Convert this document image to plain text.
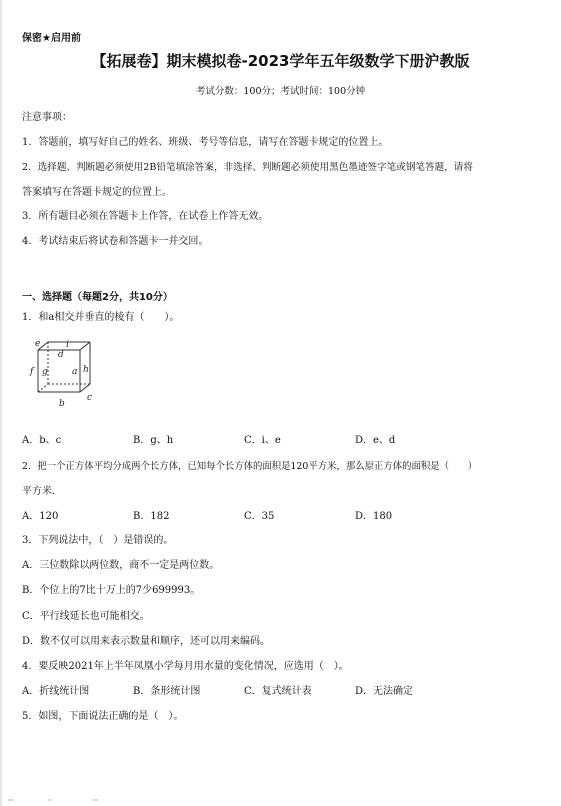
保密★启用前
【拓展卷】期末模拟卷-2023学年五年级数学下册沪教版
考试分数：100分；考试时间：100分钟
注意事项：
1．答题前，填写好自己的姓名、班级、考号等信息，请写在答题卡规定的位置上。
2．选择题、判断题必须使用2B铅笔填涂答案，非选择、判断题必须使用黑色墨迹签字笔或钢笔答题，请将
答案填写在答题卡规定的位置上。
3．所有题目必须在答题卡上作答，在试卷上作答无效。
4．考试结束后将试卷和答题卡一并交回。
一、选择题（每题2分，共10分）
1．和a相交并垂直的棱有（　　）。
e	i
d
f g	a h
b
c
A．b、c	B．g、h	C．i、e	D．e、d
2．把一个正方体平均分成两个长方体，已知每个长方体的面积是120平方米，那么原正方体的面积是（　　）
平方米．
A．120	B．182	C．35	D．180
3．下列说法中，（　）是错误的。
A．三位数除以两位数，商不一定是两位数。
B．个位上的7比十万上的7少699993。
C．平行线延长也可能相交。
D．数不仅可以用来表示数量和顺序，还可以用来编码。
4．要反映2021年上半年凤凰小学每月用水量的变化情况，应选用（　）。
A．折线统计图	B．条形统计图	C．复式统计表	D．无法确定
5．如图，下面说法正确的是（　）。
